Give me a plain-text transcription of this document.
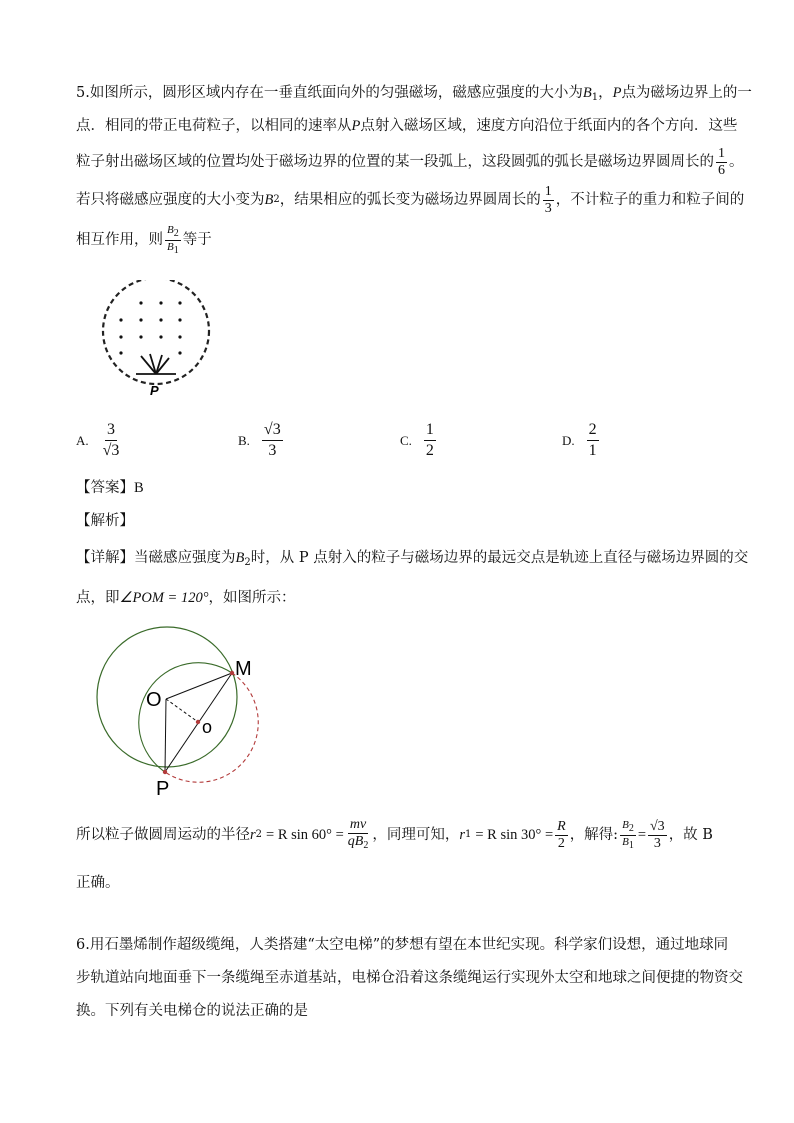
5.如图所示，圆形区域内存在一垂直纸面向外的匀强磁场，磁感应强度的大小为$B_1$，P点为磁场边界上的一
点．相同的带正电荷粒子，以相同的速率从P点射入磁场区域，速度方向沿位于纸面内的各个方向．这些
粒子射出磁场区域的位置均处于磁场边界的位置的某一段弧上，这段圆弧的弧长是磁场边界圆周长的 $\frac{1}{6}$ 。
若只将磁感应强度的大小变为 B 2 ，结果相应的弧长变为磁场边界圆周长的 $\frac{1}{3}$ ，不计粒子的重力和粒子间的
相互作用，则 $\frac{B2}{B1}$ 等于
P
A. $\frac{3}{√3}$	B. $\frac{√3}{3}$	C. $\frac{1}{2}$	D. $\frac{2}{1}$
【答案】B
【解析】
【详解】当磁感应强度为$B_2$时，从 P 点射入的粒子与磁场边界的最远交点是轨迹上直径与磁场边界圆的交
点，即∠POM = 120°，如图所示：
M
O
o
P
所以粒子做圆周运动的半径 r 2 = R $\sin 60^\circ = \frac{mv}{qB_2}$ ，同理可知， r 1 = R $\sin 30^\circ = \frac{R}{2}$ ，解得: $\frac{B2}{B1} = \frac{√3}{3}$ ，故 B
正确。
6.用石墨烯制作超级缆绳，人类搭建“太空电梯”的梦想有望在本世纪实现。科学家们设想，通过地球同
步轨道站向地面垂下一条缆绳至赤道基站，电梯仓沿着这条缆绳运行实现外太空和地球之间便捷的物资交
换。下列有关电梯仓的说法正确的是
